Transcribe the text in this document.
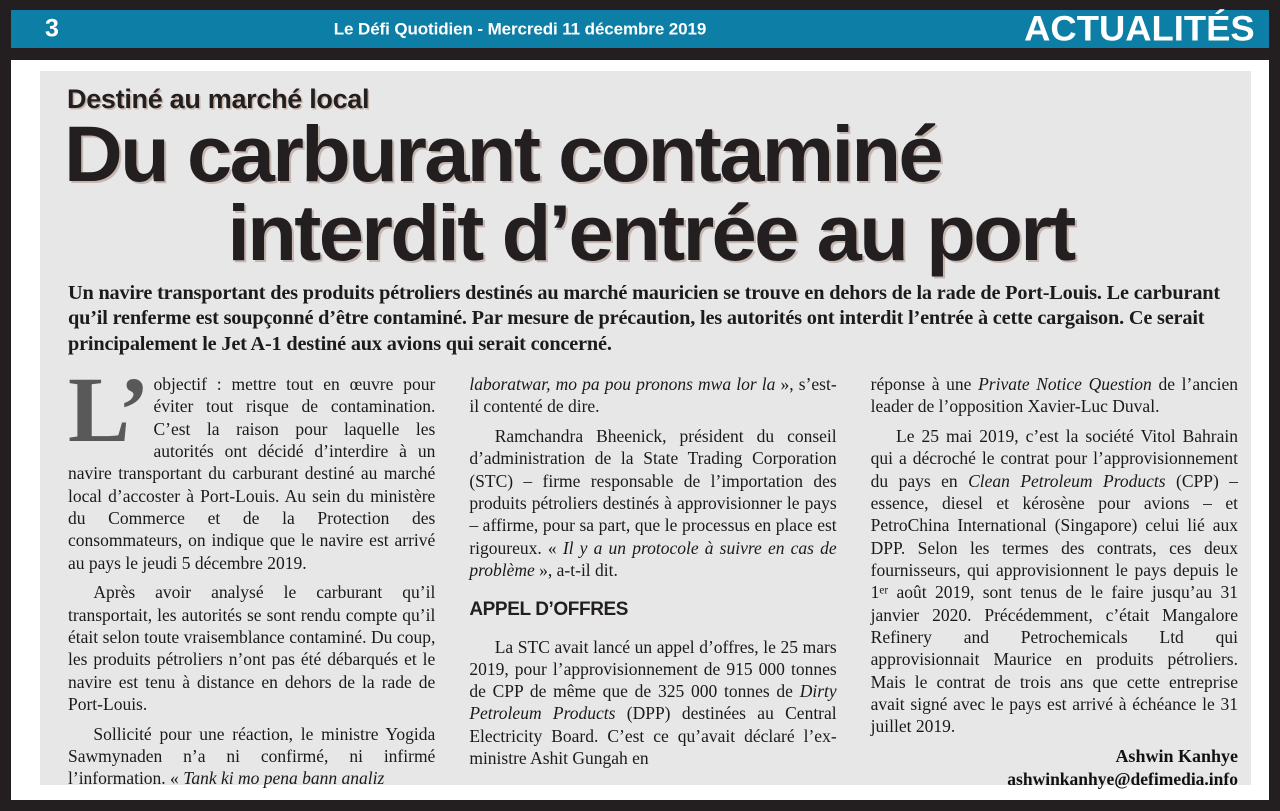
3	Le Défi Quotidien - Mercredi 11 décembre 2019	ACTUALITÉS
Destiné au marché local
Du carburant contaminé
interdit d’entrée au port
Un navire transportant des produits pétroliers destinés au marché mauricien se trouve en dehors de la rade de Port-Louis. Le carburant qu’il renferme est soupçonné d’être contaminé. Par mesure de précaution, les autorités ont interdit l’entrée à cette cargaison. Ce serait principalement le Jet A-1 destiné aux avions qui serait concerné.
L’ objectif : mettre tout en œuvre pour éviter tout risque de contamination. C’est la raison pour laquelle les autorités ont décidé d’interdire à un navire transportant du carburant destiné au marché local d’accoster à Port-Louis. Au sein du ministère du Commerce et de la Protection des consommateurs, on indique que le navire est arrivé au pays le jeudi 5 décembre 2019.

Après avoir analysé le carburant qu’il transportait, les autorités se sont rendu compte qu’il était selon toute vraisemblance contaminé. Du coup, les produits pétroliers n’ont pas été débarqués et le navire est tenu à distance en dehors de la rade de Port-Louis.

Sollicité pour une réaction, le ministre Yogida Sawmynaden n’a ni confirmé, ni infirmé l’information. « Tank ki mo pena bann analiz

laboratwar, mo pa pou pronons mwa lor la », s’est-il contenté de dire.

Ramchandra Bheenick, président du conseil d’administration de la State Trading Corporation (STC) – firme responsable de l’importation des produits pétroliers destinés à approvisionner le pays – affirme, pour sa part, que le processus en place est rigoureux. « Il y a un protocole à suivre en cas de problème », a-t-il dit.

APPEL D’OFFRES

La STC avait lancé un appel d’offres, le 25 mars 2019, pour l’approvisionnement de 915 000 tonnes de CPP de même que de 325 000 tonnes de Dirty Petroleum Products (DPP) destinées au Central Electricity Board. C’est ce qu’avait déclaré l’ex-ministre Ashit Gungah en

réponse à une Private Notice Question de l’ancien leader de l’opposition Xavier-Luc Duval.

Le 25 mai 2019, c’est la société Vitol Bahrain qui a décroché le contrat pour l’approvisionnement du pays en Clean Petroleum Products (CPP) – essence, diesel et kérosène pour avions – et PetroChina International (Singapore) celui lié aux DPP. Selon les termes des contrats, ces deux fournisseurs, qui approvisionnent le pays depuis le 1er août 2019, sont tenus de le faire jusqu’au 31 janvier 2020. Précédemment, c’était Mangalore Refinery and Petrochemicals Ltd qui approvisionnait Maurice en produits pétroliers. Mais le contrat de trois ans que cette entreprise avait signé avec le pays est arrivé à échéance le 31 juillet 2019.

Ashwin Kanhye
ashwinkanhye@defimedia.info
